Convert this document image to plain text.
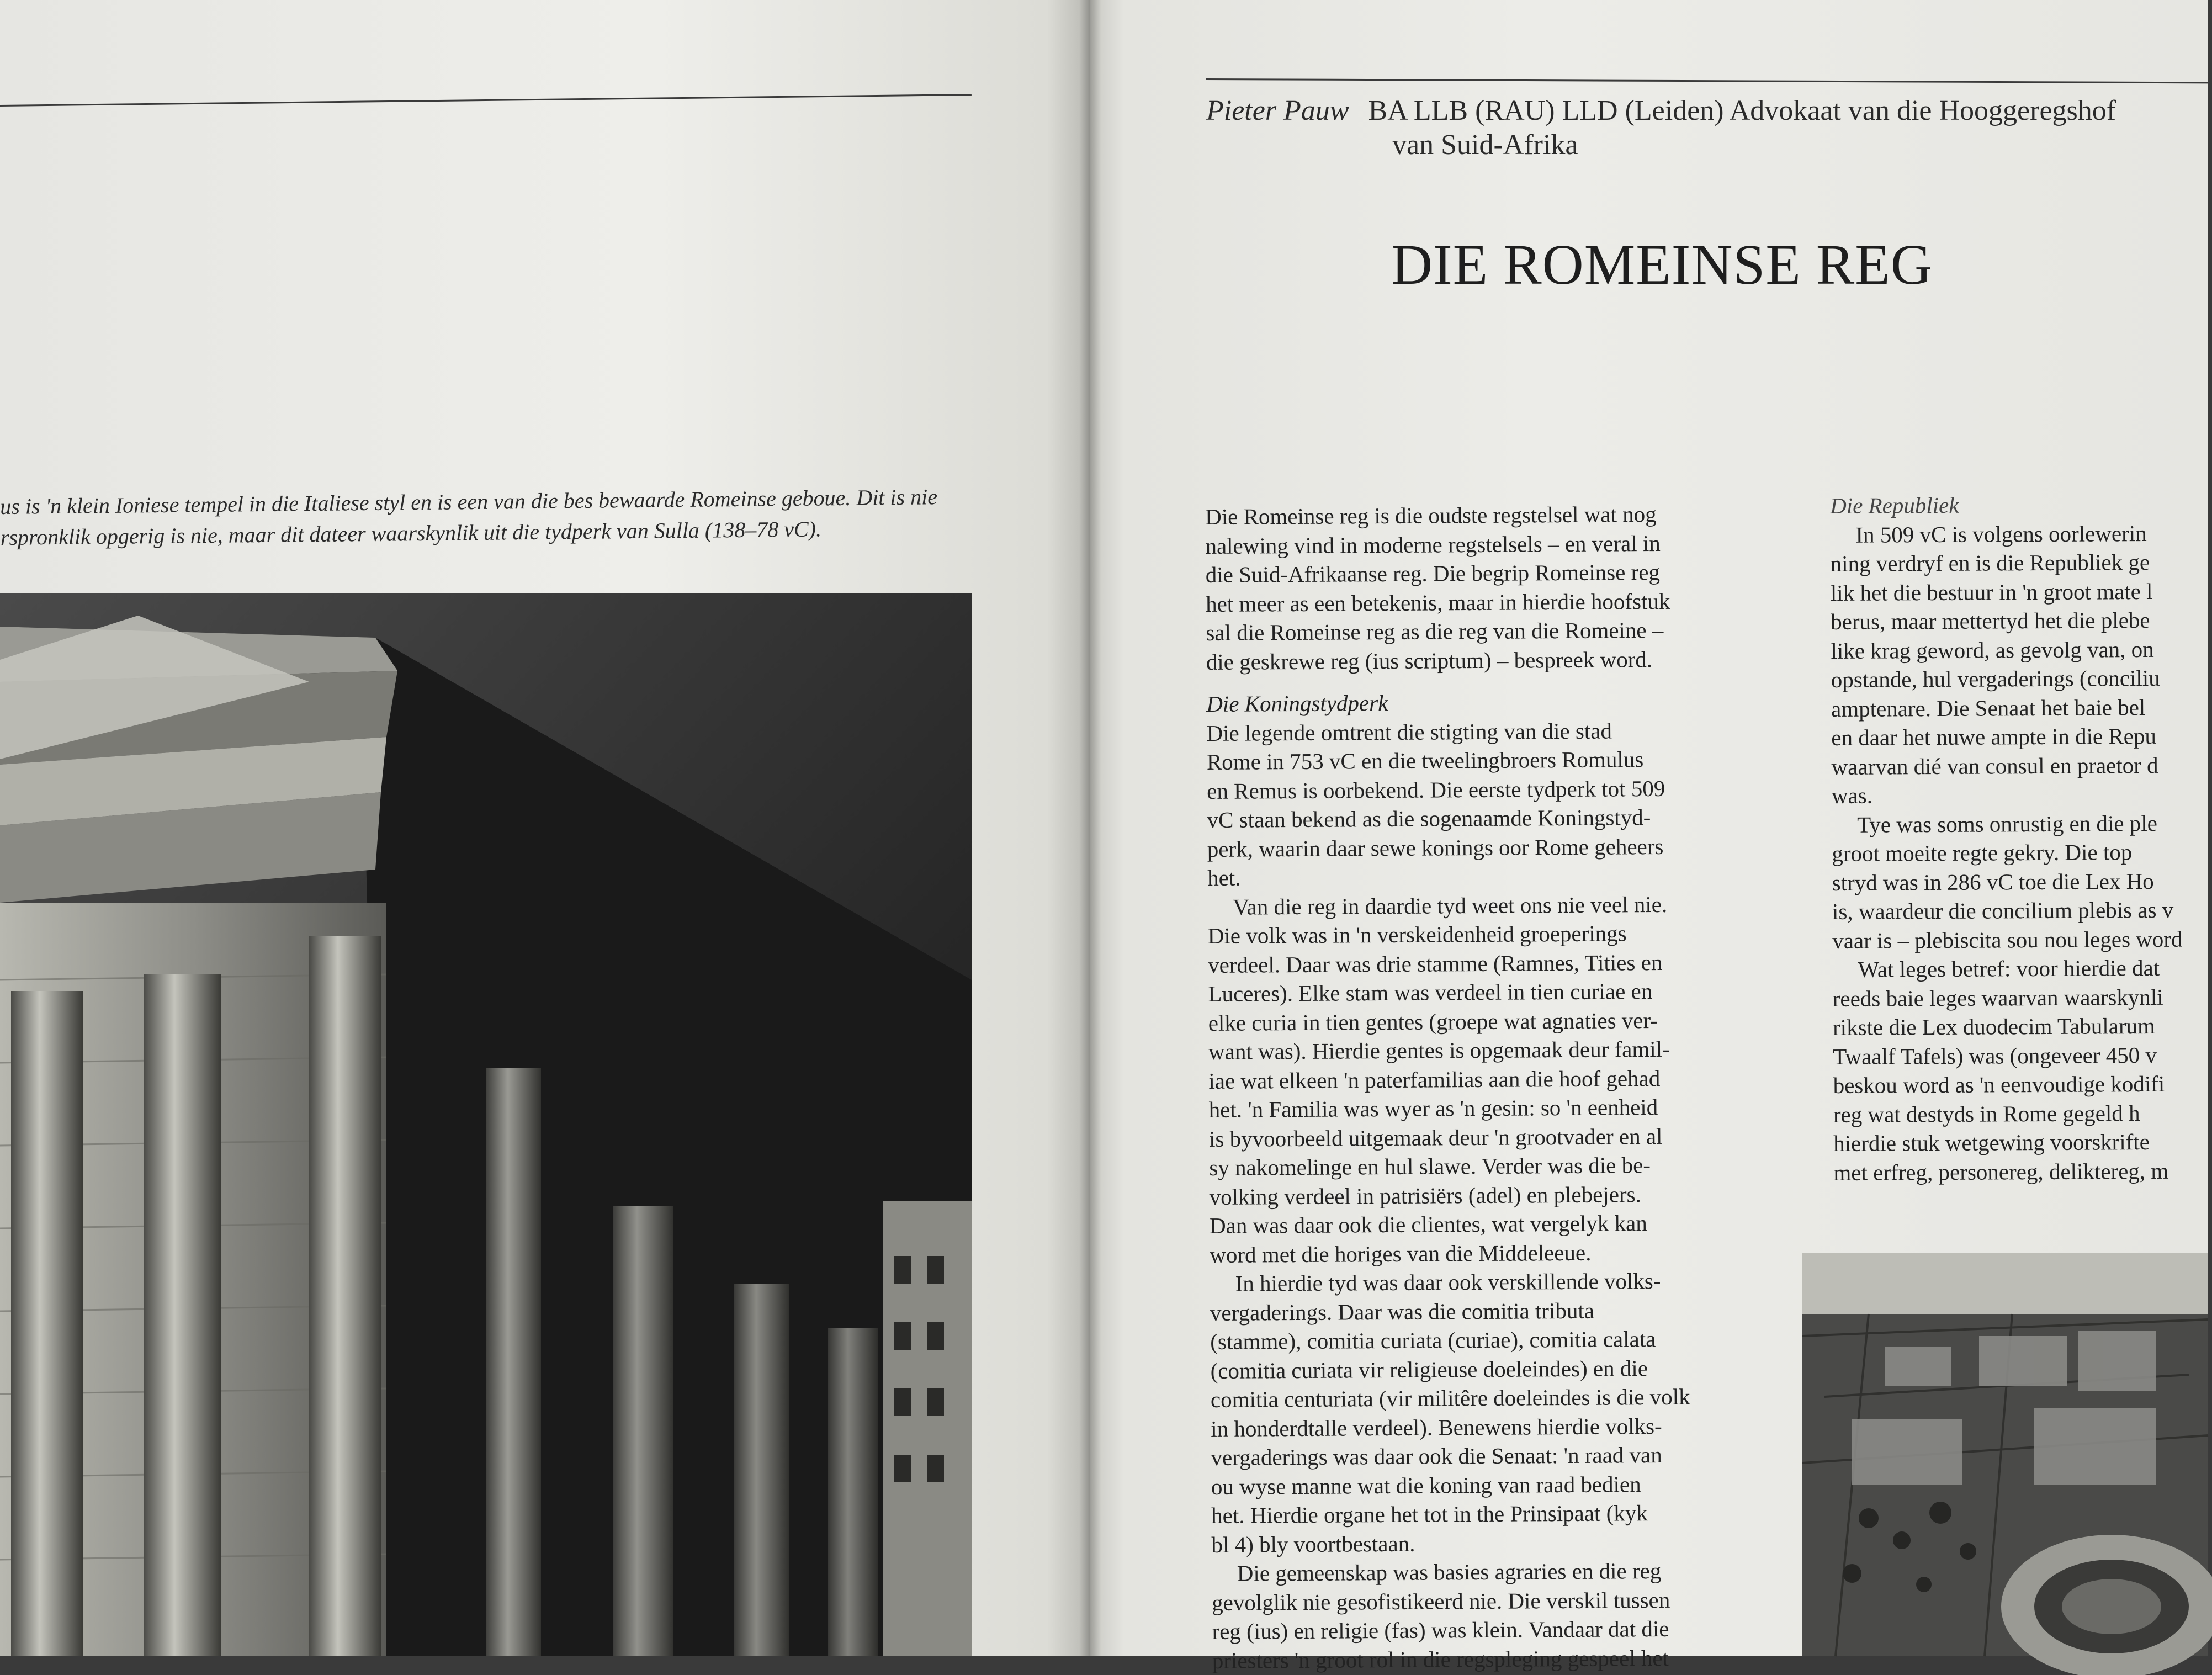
us is 'n klein Ioniese tempel in die Italiese styl en is een van die bes bewaarde Romeinse geboue. Dit is nie
rspronklik opgerig is nie, maar dit dateer waarskynlik uit die tydperk van Sulla (138–78 vC).
Pieter Pauw BA LLB (RAU) LLD (Leiden) Advokaat van die Hooggeregshof
van Suid-Afrika
DIE ROMEINSE REG
Die Romeinse reg is die oudste regstelsel wat nog
nalewing vind in moderne regstelsels – en veral in
die Suid-Afrikaanse reg. Die begrip Romeinse reg
het meer as een betekenis, maar in hierdie hoofstuk
sal die Romeinse reg as die reg van die Romeine –
die geskrewe reg (ius scriptum) – bespreek word.
Die Koningstydperk
Die legende omtrent die stigting van die stad
Rome in 753 vC en die tweelingbroers Romulus
en Remus is oorbekend. Die eerste tydperk tot 509
vC staan bekend as die sogenaamde Koningstyd-
perk, waarin daar sewe konings oor Rome geheers
het.
Van die reg in daardie tyd weet ons nie veel nie.
Die volk was in 'n verskeidenheid groeperings
verdeel. Daar was drie stamme (Ramnes, Tities en
Luceres). Elke stam was verdeel in tien curiae en
elke curia in tien gentes (groepe wat agnaties ver-
want was). Hierdie gentes is opgemaak deur famil-
iae wat elkeen 'n paterfamilias aan die hoof gehad
het. 'n Familia was wyer as 'n gesin: so 'n eenheid
is byvoorbeeld uitgemaak deur 'n grootvader en al
sy nakomelinge en hul slawe. Verder was die be-
volking verdeel in patrisiërs (adel) en plebejers.
Dan was daar ook die clientes, wat vergelyk kan
word met die horiges van die Middeleeue.
In hierdie tyd was daar ook verskillende volks-
vergaderings. Daar was die comitia tributa
(stamme), comitia curiata (curiae), comitia calata
(comitia curiata vir religieuse doeleindes) en die
comitia centuriata (vir militêre doeleindes is die volk
in honderdtalle verdeel). Benewens hierdie volks-
vergaderings was daar ook die Senaat: 'n raad van
ou wyse manne wat die koning van raad bedien
het. Hierdie organe het tot in the Prinsipaat (kyk
bl 4) bly voortbestaan.
Die gemeenskap was basies agraries en die reg
gevolglik nie gesofistikeerd nie. Die verskil tussen
reg (ius) en religie (fas) was klein. Vandaar dat die
priesters 'n groot rol in die regspleging gespeel het
Die Republiek
In 509 vC is volgens oorlewerin
ning verdryf en is die Republiek ge
lik het die bestuur in 'n groot mate l
berus, maar mettertyd het die plebe
like krag geword, as gevolg van, on
opstande, hul vergaderings (conciliu
amptenare. Die Senaat het baie bel
en daar het nuwe ampte in die Repu
waarvan dié van consul en praetor d
was.
Tye was soms onrustig en die ple
groot moeite regte gekry. Die top
stryd was in 286 vC toe die Lex Ho
is, waardeur die concilium plebis as v
vaar is – plebiscita sou nou leges word
Wat leges betref: voor hierdie dat
reeds baie leges waarvan waarskynli
rikste die Lex duodecim Tabularum
Twaalf Tafels) was (ongeveer 450 v
beskou word as 'n eenvoudige kodifi
reg wat destyds in Rome gegeld h
hierdie stuk wetgewing voorskrifte
met erfreg, personereg, deliktereg, m
